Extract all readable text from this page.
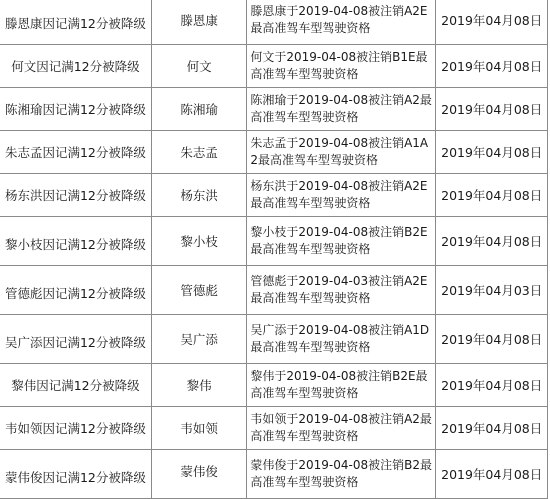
滕恩康因记满12分被降级	滕恩康	滕恩康于2019-04-08被注销A2E最高准驾车型驾驶资格	2019年04月08日
何文因记满12分被降级	何文	何文于2019-04-08被注销B1E最高准驾车型驾驶资格	2019年04月08日
陈湘瑜因记满12分被降级	陈湘瑜	陈湘瑜于2019-04-08被注销A2最高准驾车型驾驶资格	2019年04月08日
朱志孟因记满12分被降级	朱志孟	朱志孟于2019-04-08被注销A1A2最高准驾车型驾驶资格	2019年04月08日
杨东洪因记满12分被降级	杨东洪	杨东洪于2019-04-08被注销A2E最高准驾车型驾驶资格	2019年04月08日
黎小枝因记满12分被降级	黎小枝	黎小枝于2019-04-08被注销B2E最高准驾车型驾驶资格	2019年04月08日
管德彪因记满12分被降级	管德彪	管德彪于2019-04-03被注销A2E最高准驾车型驾驶资格	2019年04月03日
吴广添因记满12分被降级	吴广添	吴广添于2019-04-08被注销A1D最高准驾车型驾驶资格	2019年04月08日
黎伟因记满12分被降级	黎伟	黎伟于2019-04-08被注销B2E最高准驾车型驾驶资格	2019年04月08日
韦如领因记满12分被降级	韦如领	韦如领于2019-04-08被注销A2最高准驾车型驾驶资格	2019年04月08日
蒙伟俊因记满12分被降级	蒙伟俊	蒙伟俊于2019-04-08被注销B2最高准驾车型驾驶资格	2019年04月08日
